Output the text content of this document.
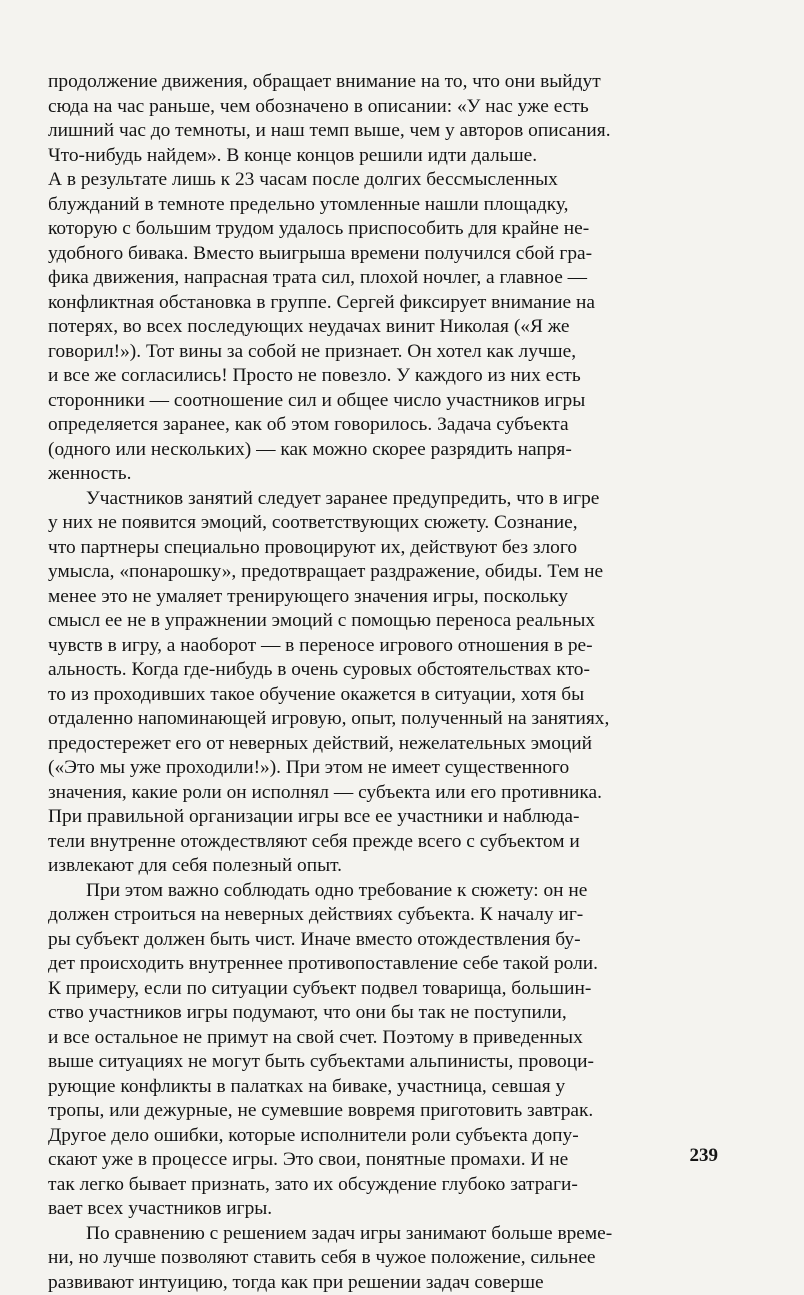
продолжение движения, обращает внимание на то, что они выйдут
сюда на час раньше, чем обозначено в описании: «У нас уже есть
лишний час до темноты, и наш темп выше, чем у авторов описания.
Что-нибудь найдем». В конце концов решили идти дальше.
А в результате лишь к 23 часам после долгих бессмысленных
блужданий в темноте предельно утомленные нашли площадку,
которую с большим трудом удалось приспособить для крайне не-
удобного бивака. Вместо выигрыша времени получился сбой гра-
фика движения, напрасная трата сил, плохой ночлег, а главное —
конфликтная обстановка в группе. Сергей фиксирует внимание на
потерях, во всех последующих неудачах винит Николая («Я же
говорил!»). Тот вины за собой не признает. Он хотел как лучше,
и все же согласились! Просто не повезло. У каждого из них есть
сторонники — соотношение сил и общее число участников игры
определяется заранее, как об этом говорилось. Задача субъекта
(одного или нескольких) — как можно скорее разрядить напря-
женность.
Участников занятий следует заранее предупредить, что в игре
у них не появится эмоций, соответствующих сюжету. Сознание,
что партнеры специально провоцируют их, действуют без злого
умысла, «понарошку», предотвращает раздражение, обиды. Тем не
менее это не умаляет тренирующего значения игры, поскольку
смысл ее не в упражнении эмоций с помощью переноса реальных
чувств в игру, а наоборот — в переносе игрового отношения в ре-
альность. Когда где-нибудь в очень суровых обстоятельствах кто-
то из проходивших такое обучение окажется в ситуации, хотя бы
отдаленно напоминающей игровую, опыт, полученный на занятиях,
предостережет его от неверных действий, нежелательных эмоций
(«Это мы уже проходили!»). При этом не имеет существенного
значения, какие роли он исполнял — субъекта или его противника.
При правильной организации игры все ее участники и наблюда-
тели внутренне отождествляют себя прежде всего с субъектом и
извлекают для себя полезный опыт.
При этом важно соблюдать одно требование к сюжету: он не
должен строиться на неверных действиях субъекта. К началу иг-
ры субъект должен быть чист. Иначе вместо отождествления бу-
дет происходить внутреннее противопоставление себе такой роли.
К примеру, если по ситуации субъект подвел товарища, большин-
ство участников игры подумают, что они бы так не поступили,
и все остальное не примут на свой счет. Поэтому в приведенных
выше ситуациях не могут быть субъектами альпинисты, провоци-
рующие конфликты в палатках на биваке, участница, севшая у
тропы, или дежурные, не сумевшие вовремя приготовить завтрак.
Другое дело ошибки, которые исполнители роли субъекта допу-
скают уже в процессе игры. Это свои, понятные промахи. И не
так легко бывает признать, зато их обсуждение глубоко затраги-
вает всех участников игры.
По сравнению с решением задач игры занимают больше време-
ни, но лучше позволяют ставить себя в чужое положение, сильнее
развивают интуицию, тогда как при решении задач соверше
239
